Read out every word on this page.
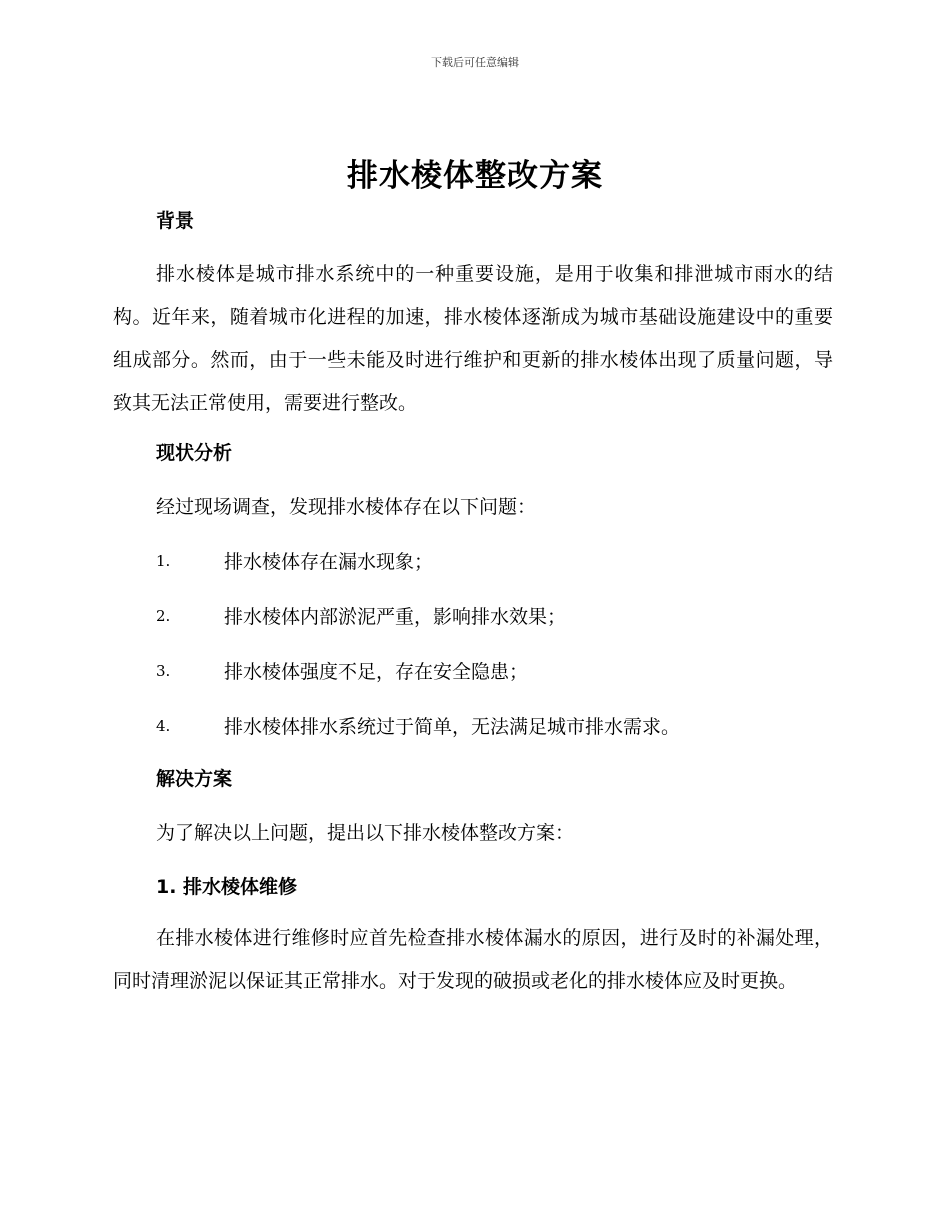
下载后可任意编辑
排水棱体整改方案
背景

排水棱体是城市排水系统中的一种重要设施，是用于收集和排泄城市雨水的结构。近年来，随着城市化进程的加速，排水棱体逐渐成为城市基础设施建设中的重要组成部分。然而，由于一些未能及时进行维护和更新的排水棱体出现了质量问题，导致其无法正常使用，需要进行整改。

现状分析

经过现场调查，发现排水棱体存在以下问题：

1.	排水棱体存在漏水现象；
2.	排水棱体内部淤泥严重，影响排水效果；
3.	排水棱体强度不足，存在安全隐患；
4.	排水棱体排水系统过于简单，无法满足城市排水需求。
解决方案

为了解决以上问题，提出以下排水棱体整改方案：

1. 排水棱体维修

在排水棱体进行维修时应首先检查排水棱体漏水的原因，进行及时的补漏处理，同时清理淤泥以保证其正常排水。对于发现的破损或老化的排水棱体应及时更换。
